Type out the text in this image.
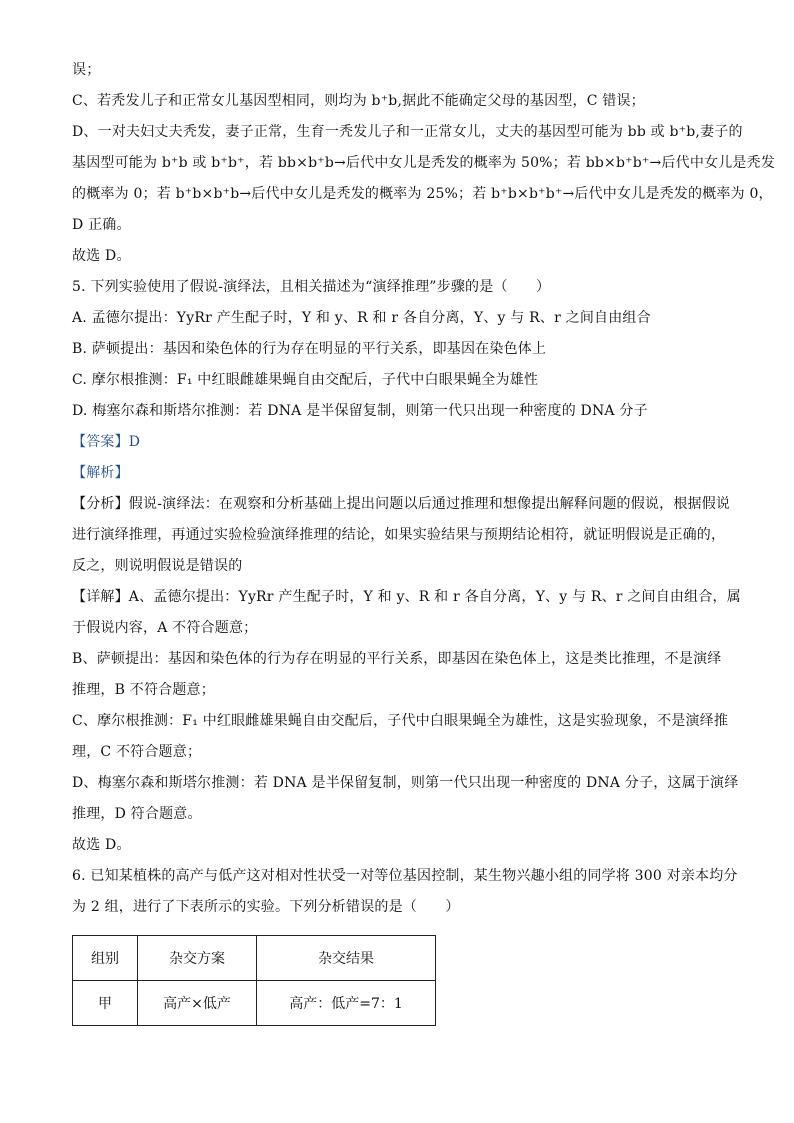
误；
C、若秃发儿子和正常女儿基因型相同，则均为 b⁺b,据此不能确定父母的基因型，C 错误；
D、一对夫妇丈夫秃发，妻子正常，生育一秃发儿子和一正常女儿，丈夫的基因型可能为 bb 或 b⁺b,妻子的
基因型可能为 b⁺b 或 b⁺b⁺，若 bb×b⁺b→后代中女儿是秃发的概率为 50%；若 bb×b⁺b⁺→后代中女儿是秃发
的概率为 0；若 b⁺b×b⁺b→后代中女儿是秃发的概率为 25%；若 b⁺b×b⁺b⁺→后代中女儿是秃发的概率为 0，
D 正确。
故选 D。
5. 下列实验使用了假说-演绎法，且相关描述为“演绎推理”步骤的是（　　）
A. 孟德尔提出：YyRr 产生配子时，Y 和 y、R 和 r 各自分离，Y、y 与 R、r 之间自由组合
B. 萨顿提出：基因和染色体的行为存在明显的平行关系，即基因在染色体上
C. 摩尔根推测：F₁ 中红眼雌雄果蝇自由交配后，子代中白眼果蝇全为雄性
D. 梅塞尔森和斯塔尔推测：若 DNA 是半保留复制，则第一代只出现一种密度的 DNA 分子
【答案】D
【解析】
【分析】假说-演绎法：在观察和分析基础上提出问题以后通过推理和想像提出解释问题的假说，根据假说
进行演绎推理，再通过实验检验演绎推理的结论，如果实验结果与预期结论相符，就证明假说是正确的，
反之，则说明假说是错误的
【详解】A、孟德尔提出：YyRr 产生配子时，Y 和 y、R 和 r 各自分离，Y、y 与 R、r 之间自由组合，属
于假说内容，A 不符合题意；
B、萨顿提出：基因和染色体的行为存在明显的平行关系，即基因在染色体上，这是类比推理，不是演绎
推理，B 不符合题意；
C、摩尔根推测：F₁ 中红眼雌雄果蝇自由交配后，子代中白眼果蝇全为雄性，这是实验现象，不是演绎推
理，C 不符合题意；
D、梅塞尔森和斯塔尔推测：若 DNA 是半保留复制，则第一代只出现一种密度的 DNA 分子，这属于演绎
推理，D 符合题意。
故选 D。
6. 已知某植株的高产与低产这对相对性状受一对等位基因控制，某生物兴趣小组的同学将 300 对亲本均分
为 2 组，进行了下表所示的实验。下列分析错误的是（　　）
组别	杂交方案	杂交结果
甲	高产×低产	高产：低产=7：1
